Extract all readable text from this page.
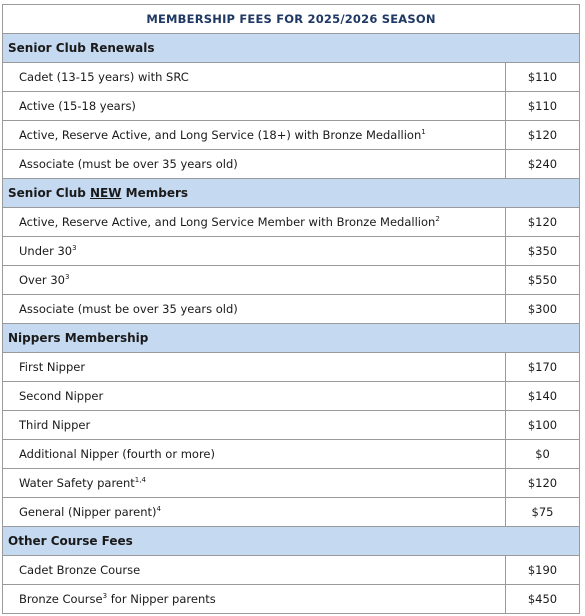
MEMBERSHIP FEES FOR 2025/2026 SEASON	
Senior Club Renewals	
Cadet (13-15 years) with SRC	$110
Active (15-18 years)	$110
Active, Reserve Active, and Long Service (18+) with Bronze Medallion$^1$	$120
Associate (must be over 35 years old)	$240
Senior Club NEW Members	
Active, Reserve Active, and Long Service Member with Bronze Medallion$^2$	$120
Under $30^3$	$350
Over $30^3$	$550
Associate (must be over 35 years old)	$300
Nippers Membership	
First Nipper	$170
Second Nipper	$140
Third Nipper	$100
Additional Nipper (fourth or more)	$0
Water Safety parent$^{1,4}$	$120
General (Nipper parent)$^4$	$75
Other Course Fees	
Cadet Bronze Course	$190
Bronze Course$^3$ for Nipper parents	$450
